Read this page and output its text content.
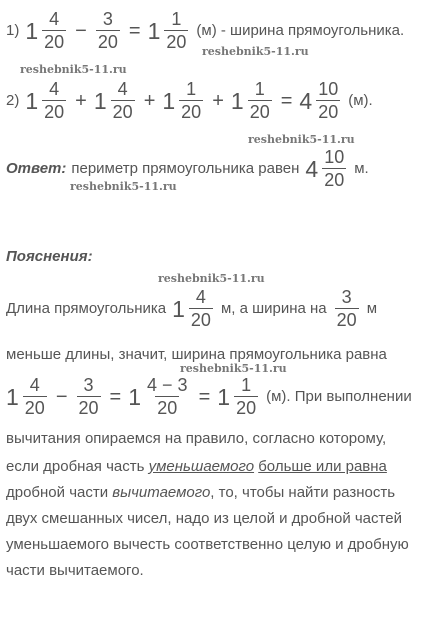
1) $1 \frac{4}{20} - \frac{3}{20} = 1 \frac{1}{20} (м)$ - ширина прямоугольника.
reshebnik5-11.ru
reshebnik5-11.ru
2) $1 \frac{4}{20} + 1 \frac{4}{20} + 1 \frac{1}{20} + 1 \frac{1}{20} = 4 \frac{10}{20} (м)$.
reshebnik5-11.ru
Ответ: периметр прямоугольника равен $4 \frac{10}{20} м$.
reshebnik5-11.ru
Пояснения:
reshebnik5-11.ru
Длина прямоугольника $1 \frac{4}{20} м$, а ширина на $\frac{3}{20}$ м
меньше длины, значит, ширина прямоугольника равна
reshebnik5-11.ru
$1 \frac{4}{20} - \frac{3}{20} = 1 \frac{4 - 3}{20} = 1 \frac{1}{20} (м)$. При выполнении
вычитания опираемся на правило, согласно которому,
если дробная часть уменьшаемого больше или равна
дробной части вычитаемого, то, чтобы найти разность
двух смешанных чисел, надо из целой и дробной частей
уменьшаемого вычесть соответственно целую и дробную
части вычитаемого.
